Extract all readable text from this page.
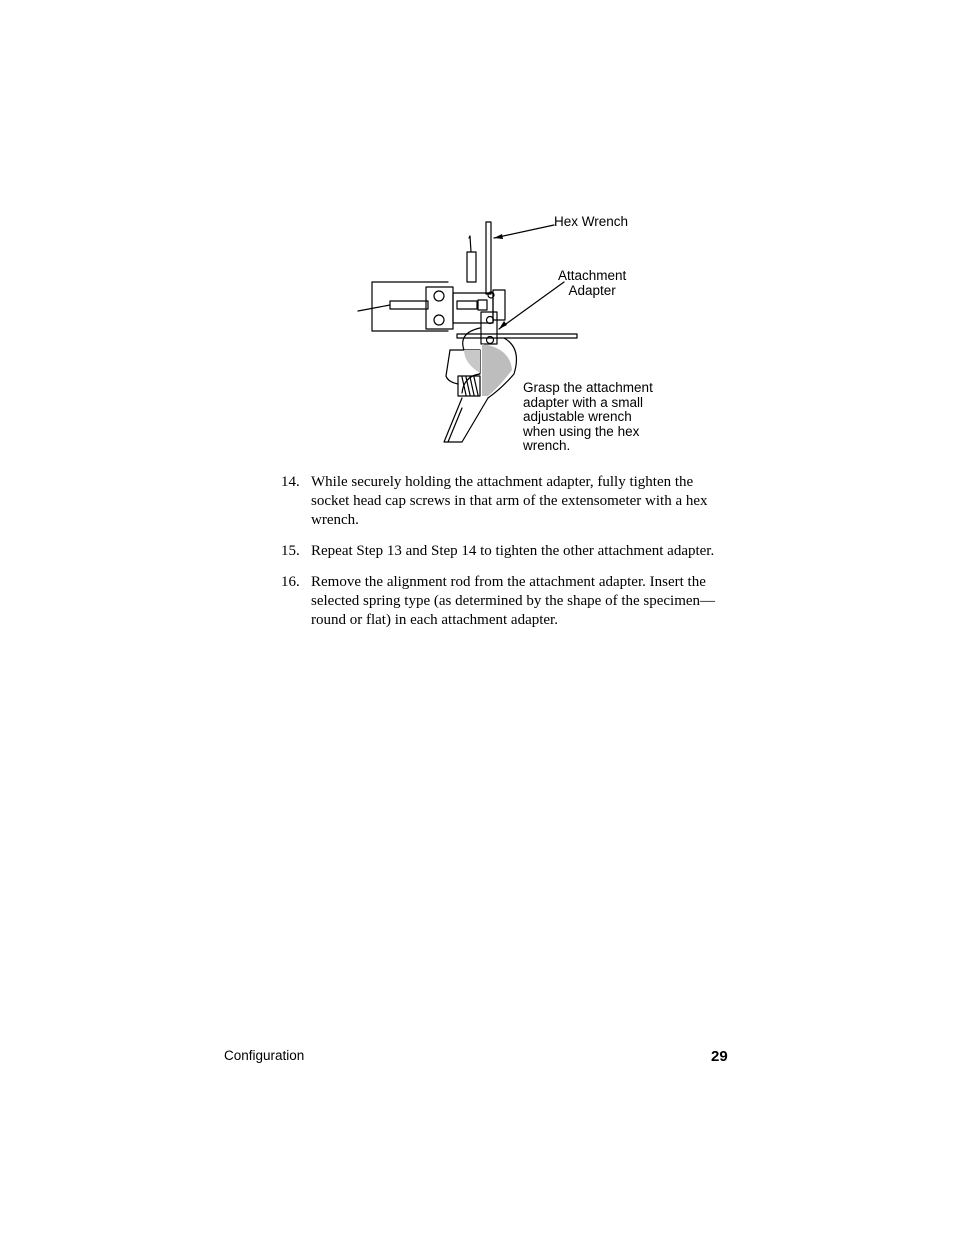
Hex Wrench
Attachment
Adapter
Grasp the attachment
adapter with a small
adjustable wrench
when using the hex
wrench.
14. While securely holding the attachment adapter, fully tighten the socket head cap screws in that arm of the extensometer with a hex wrench.
15. Repeat Step 13 and Step 14 to tighten the other attachment adapter.
16. Remove the alignment rod from the attachment adapter. Insert the selected spring type (as determined by the shape of the specimen—round or flat) in each attachment adapter.
Configuration	29
